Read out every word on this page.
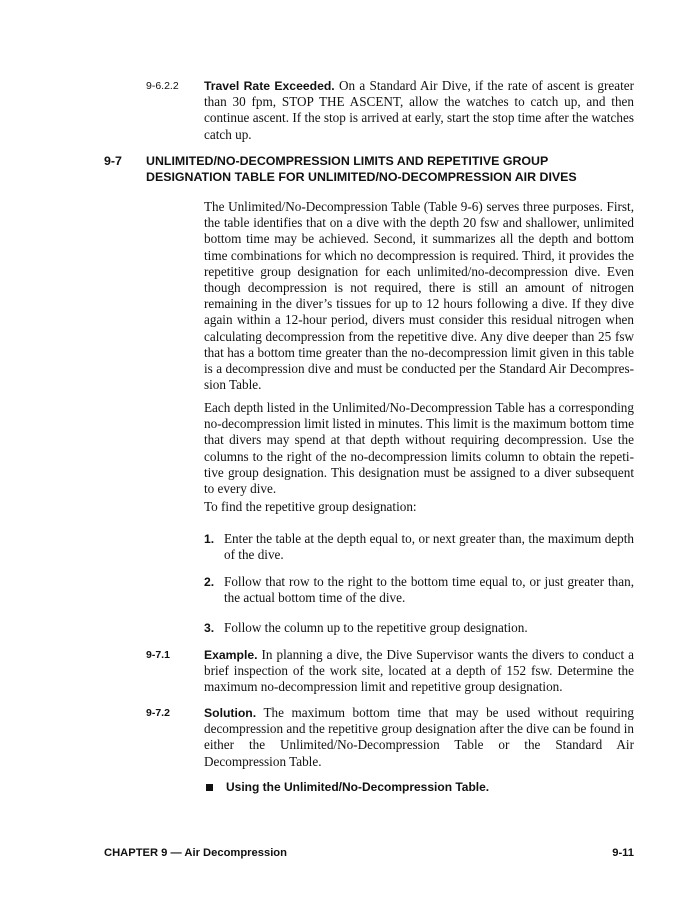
9-6.2.2 Travel Rate Exceeded. On a Standard Air Dive, if the rate of ascent is greater than 30 fpm, STOP THE ASCENT, allow the watches to catch up, and then continue ascent. If the stop is arrived at early, start the stop time after the watches catch up.
9-7 UNLIMITED/NO-DECOMPRESSION LIMITS AND REPETITIVE GROUP
DESIGNATION TABLE FOR UNLIMITED/NO-DECOMPRESSION AIR DIVES
The Unlimited/No-Decompression Table (Table 9-6) serves three purposes. First, the table identifies that on a dive with the depth 20 fsw and shallower, unlimited bottom time may be achieved. Second, it summarizes all the depth and bottom time combinations for which no decompression is required. Third, it provides the repetitive group designation for each unlimited/no-decompression dive. Even though decompression is not required, there is still an amount of nitrogen remaining in the diver’s tissues for up to 12 hours following a dive. If they dive again within a 12-hour period, divers must consider this residual nitrogen when calculating decompression from the repetitive dive. Any dive deeper than 25 fsw that has a bottom time greater than the no-decompression limit given in this table is a decompression dive and must be conducted per the Standard Air Decompression Table.
Each depth listed in the Unlimited/No-Decompression Table has a corresponding no-decompression limit listed in minutes. This limit is the maximum bottom time that divers may spend at that depth without requiring decompression. Use the columns to the right of the no-decompression limits column to obtain the repetitive group designation. This designation must be assigned to a diver subsequent to every dive.
To find the repetitive group designation:
1. Enter the table at the depth equal to, or next greater than, the maximum depth of the dive.
2. Follow that row to the right to the bottom time equal to, or just greater than, the actual bottom time of the dive.
3. Follow the column up to the repetitive group designation.
9-7.1	Example. In planning a dive, the Dive Supervisor wants the divers to conduct a brief inspection of the work site, located at a depth of 152 fsw. Determine the maximum no-decompression limit and repetitive group designation.
9-7.2	Solution. The maximum bottom time that may be used without requiring decompression and the repetitive group designation after the dive can be found in either the Unlimited/No-Decompression Table or the Standard Air Decompression Table.
Using the Unlimited/No-Decompression Table.
CHAPTER 9 — Air Decompression	9-11
